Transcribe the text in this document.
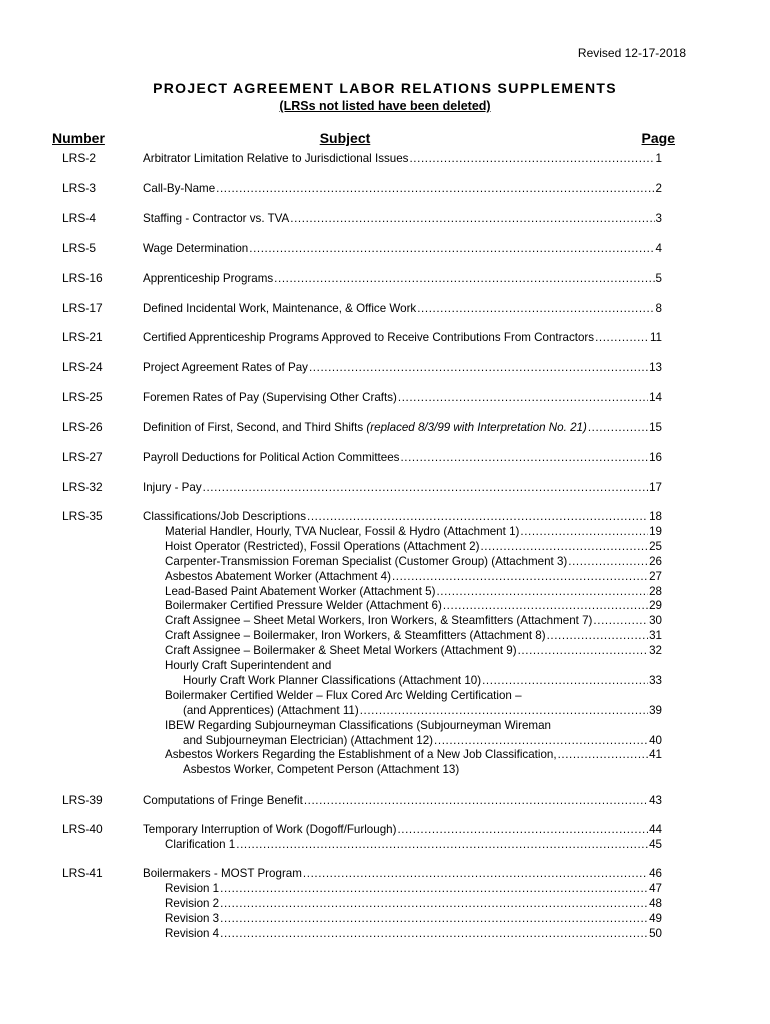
Revised 12-17-2018
PROJECT AGREEMENT LABOR RELATIONS SUPPLEMENTS
(LRSs not listed have been deleted)
Number	Subject	Page
LRS-2	Arbitrator Limitation Relative to Jurisdictional Issues .....	1
LRS-3	Call-By-Name .....	2
LRS-4	Staffing - Contractor vs. TVA .....	3
LRS-5	Wage Determination .....	4
LRS-16	Apprenticeship Programs .....	5
LRS-17	Defined Incidental Work, Maintenance, & Office Work .....	8
LRS-21	Certified Apprenticeship Programs Approved to Receive Contributions From Contractors .....	11
LRS-24	Project Agreement Rates of Pay .....	13
LRS-25	Foremen Rates of Pay (Supervising Other Crafts) .....	14
LRS-26	Definition of First, Second, and Third Shifts (replaced 8/3/99 with Interpretation No. 21) .....	15
LRS-27	Payroll Deductions for Political Action Committees .....	16
LRS-32	Injury - Pay .....	17
LRS-35	Classifications/Job Descriptions .....	18
Material Handler, Hourly, TVA Nuclear, Fossil & Hydro (Attachment 1) .....	19
Hoist Operator (Restricted), Fossil Operations (Attachment 2) .....	25
Carpenter-Transmission Foreman Specialist (Customer Group) (Attachment 3) .....	26
Asbestos Abatement Worker (Attachment 4) .....	27
Lead-Based Paint Abatement Worker (Attachment 5) .....	28
Boilermaker Certified Pressure Welder (Attachment 6) .....	29
Craft Assignee – Sheet Metal Workers, Iron Workers, & Steamfitters (Attachment 7) .....	30
Craft Assignee – Boilermaker, Iron Workers, & Steamfitters (Attachment 8) .....	31
Craft Assignee – Boilermaker & Sheet Metal Workers (Attachment 9) .....	32
Hourly Craft Superintendent and
Hourly Craft Work Planner Classifications (Attachment 10) .....	33
Boilermaker Certified Welder – Flux Cored Arc Welding Certification –
(and Apprentices) (Attachment 11) .....	39
IBEW Regarding Subjourneyman Classifications (Subjourneyman Wireman
and Subjourneyman Electrician) (Attachment 12) .....	40
Asbestos Workers Regarding the Establishment of a New Job Classification, .....	41
Asbestos Worker, Competent Person (Attachment 13)
LRS-39	Computations of Fringe Benefit .....	43
LRS-40	Temporary Interruption of Work (Dogoff/Furlough) .....	44
Clarification 1 .....	45
LRS-41	Boilermakers - MOST Program .....	46
Revision 1 .....	47
Revision 2 .....	48
Revision 3 .....	49
Revision 4 .....	50
